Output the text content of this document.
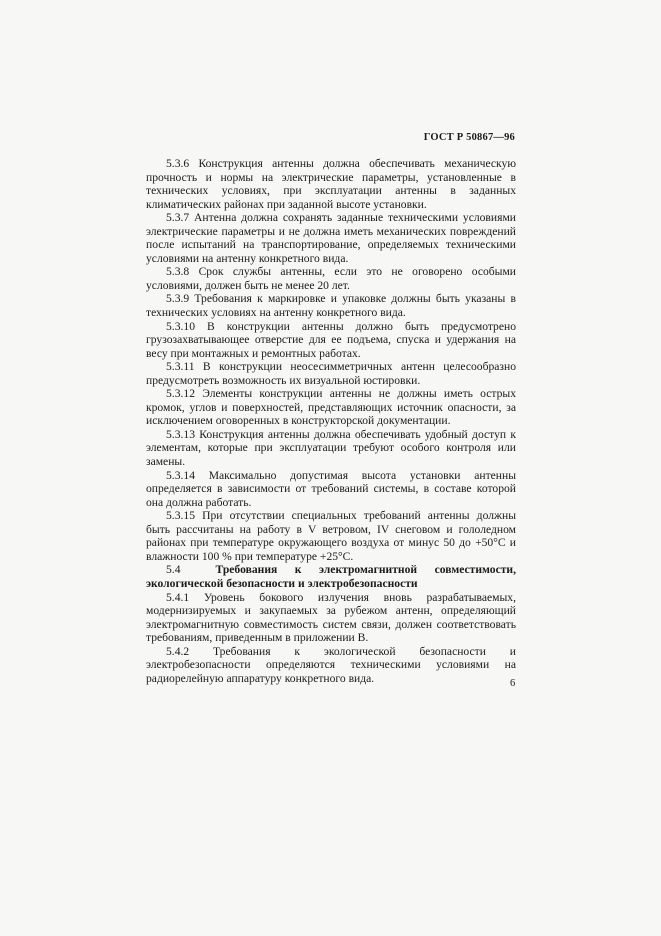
ГОСТ Р 50867—96

5.3.6 Конструкция антенны должна обеспечивать механическую прочность и нормы на электрические параметры, установленные в технических условиях, при эксплуатации антенны в заданных климатических районах при заданной высоте установки.

5.3.7 Антенна должна сохранять заданные техническими условиями электрические параметры и не должна иметь механических повреждений после испытаний на транспортирование, определяемых техническими условиями на антенну конкретного вида.

5.3.8 Срок службы антенны, если это не оговорено особыми условиями, должен быть не менее 20 лет.

5.3.9 Требования к маркировке и упаковке должны быть указаны в технических условиях на антенну конкретного вида.

5.3.10 В конструкции антенны должно быть предусмотрено грузозахватывающее отверстие для ее подъема, спуска и удержания на весу при монтажных и ремонтных работах.

5.3.11 В конструкции неосесимметричных антенн целесообразно предусмотреть возможность их визуальной юстировки.

5.3.12 Элементы конструкции антенны не должны иметь острых кромок, углов и поверхностей, представляющих источник опасности, за исключением оговоренных в конструкторской документации.

5.3.13 Конструкция антенны должна обеспечивать удобный доступ к элементам, которые при эксплуатации требуют особого контроля или замены.

5.3.14 Максимально допустимая высота установки антенны определяется в зависимости от требований системы, в составе которой она должна работать.

5.3.15 При отсутствии специальных требований антенны должны быть рассчитаны на работу в V ветровом, IV снеговом и гололедном районах при температуре окружающего воздуха от минус 50 до +50°С и влажности 100 % при температуре +25°С.

5.4	Требования к электромагнитной совместимости, экологической безопасности и электробезопасности

5.4.1 Уровень бокового излучения вновь разрабатываемых, модернизируемых и закупаемых за рубежом антенн, определяющий электромагнитную совместимость систем связи, должен соответствовать требованиям, приведенным в приложении В.

5.4.2 Требования к экологической безопасности и электробезопасности определяются техническими условиями на радиорелейную аппаратуру конкретного вида.	6
